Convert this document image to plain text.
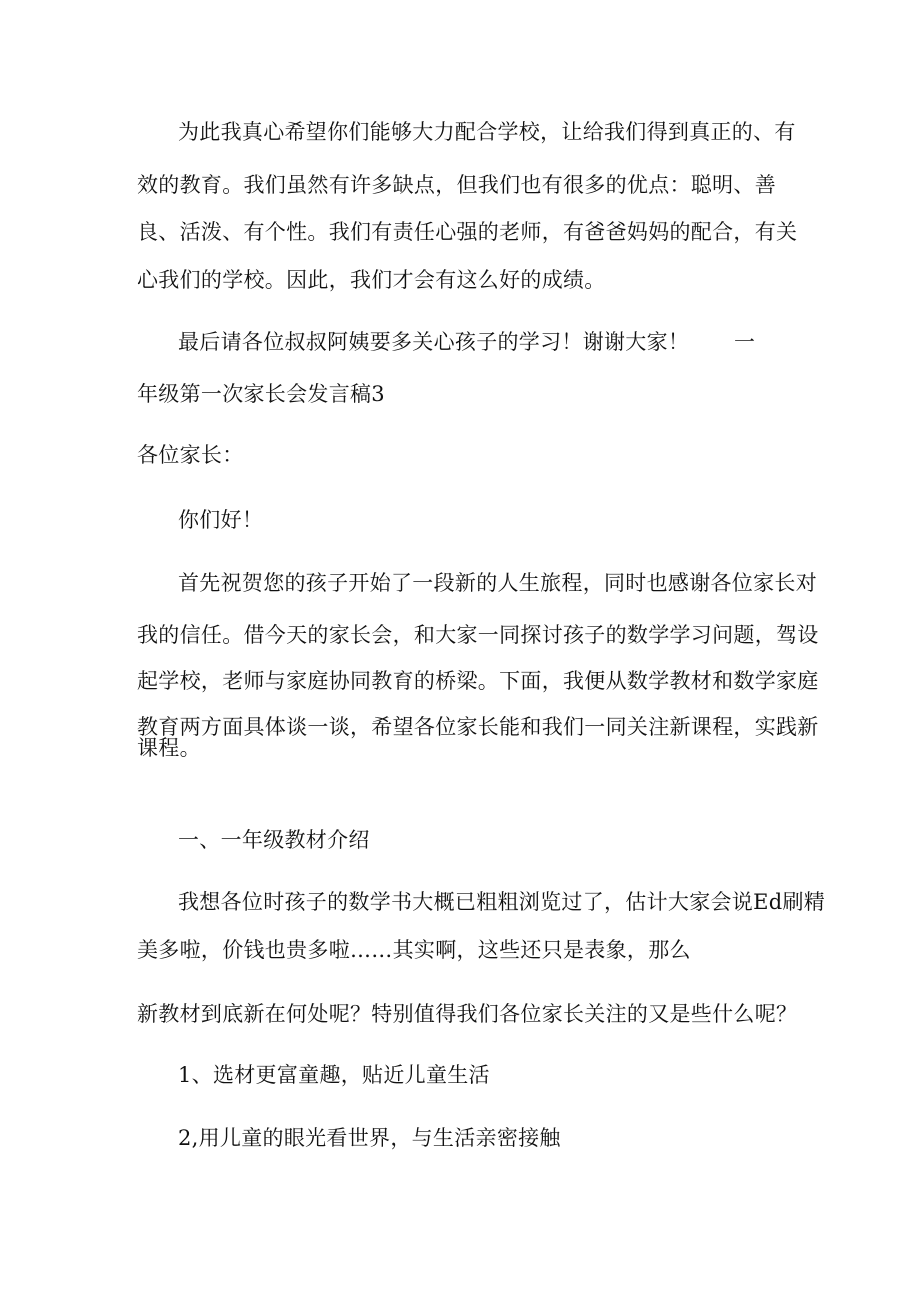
为此我真心希望你们能够大力配合学校，让给我们得到真正的、有
效的教育。我们虽然有许多缺点，但我们也有很多的优点：聪明、善
良、活泼、有个性。我们有责任心强的老师，有爸爸妈妈的配合，有关
心我们的学校。因此，我们才会有这么好的成绩。
最后请各位叔叔阿姨要多关心孩子的学习！谢谢大家！ 一
年级第一次家长会发言稿3
各位家长：
你们好！
首先祝贺您的孩子开始了一段新的人生旅程，同时也感谢各位家长对
我的信任。借今天的家长会，和大家一同探讨孩子的数学学习问题，驾设
起学校，老师与家庭协同教育的桥梁。下面，我便从数学教材和数学家庭
教育两方面具体谈一谈，希望各位家长能和我们一同关注新课程，实践新
课程。
一、一年级教材介绍
我想各位时孩子的数学书大概已粗粗浏览过了，估计大家会说Ed刷精
美多啦，价钱也贵多啦……其实啊，这些还只是表象，那么
新教材到底新在何处呢？特别值得我们各位家长关注的又是些什么呢？
1、选材更富童趣，贴近儿童生活
2,用儿童的眼光看世界，与生活亲密接触
